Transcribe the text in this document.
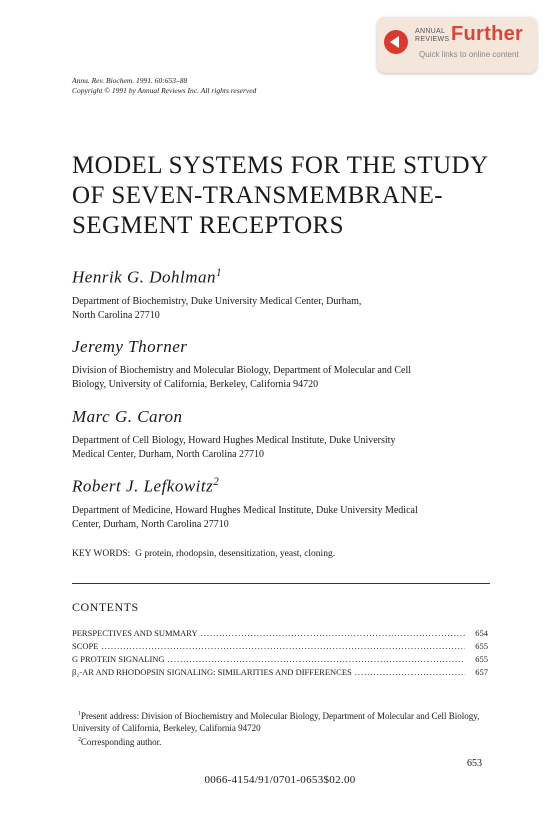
ANNUAL
REVIEWS Further
Quick links to online content
Annu. Rev. Biochem. 1991. 60:653–88
Copyright © 1991 by Annual Reviews Inc. All rights reserved
MODEL SYSTEMS FOR THE STUDY
OF SEVEN-TRANSMEMBRANE-
SEGMENT RECEPTORS
Henrik G. Dohlman$^1$
Department of Biochemistry, Duke University Medical Center, Durham,
North Carolina 27710
Jeremy Thorner
Division of Biochemistry and Molecular Biology, Department of Molecular and Cell
Biology, University of California, Berkeley, California 94720
Marc G. Caron
Department of Cell Biology, Howard Hughes Medical Institute, Duke University
Medical Center, Durham, North Carolina 27710
Robert J. Lefkowitz$^2$
Department of Medicine, Howard Hughes Medical Institute, Duke University Medical
Center, Durham, North Carolina 27710
KEY WORDS: G protein, rhodopsin, desensitization, yeast, cloning.
CONTENTS
PERSPECTIVES AND SUMMARY .....	654
SCOPE .....	655
G PROTEIN SIGNALING .....	655
β₂-AR AND RHODOPSIN SIGNALING: SIMILARITIES AND DIFFERENCES .....	657

$^1$Present address: Division of Biochemistry and Molecular Biology, Department of Molecular and Cell Biology, University of California, Berkeley, California 94720

$^2$Corresponding author.

653
0066-4154/91/0701-0653$02.00
